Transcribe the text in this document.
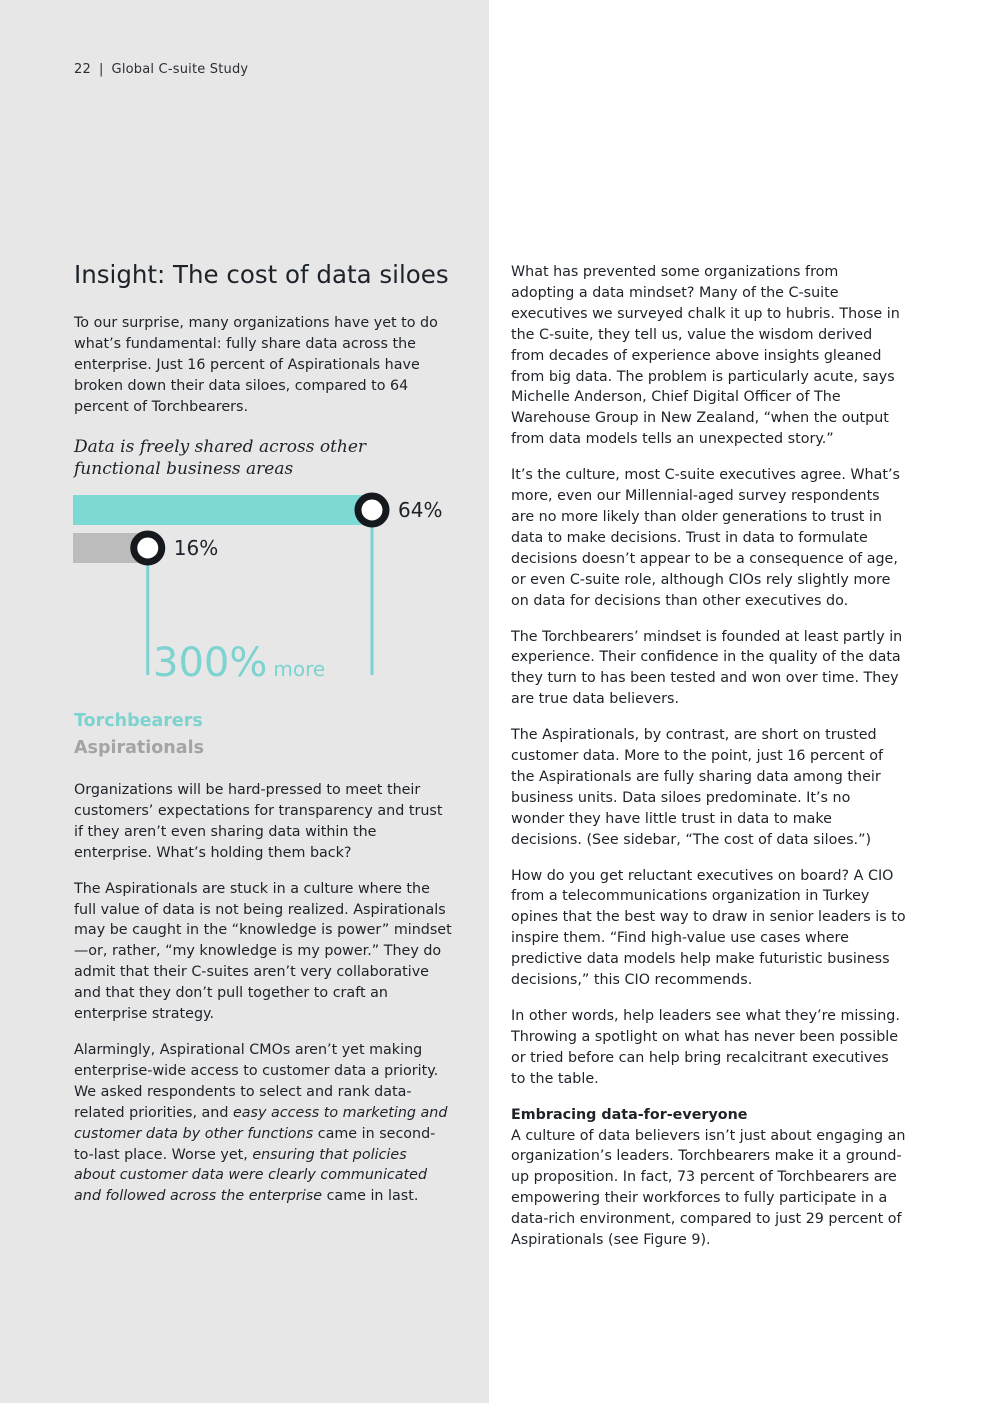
22 | Global C-suite Study
Insight: The cost of data siloes

To our surprise, many organizations have yet to do what’s fundamental: fully share data across the enterprise. Just 16 percent of Aspirationals have broken down their data siloes, compared to 64 percent of Torchbearers.

Data is freely shared across other
functional business areas
64%
16%
300% more
Torchbearers
Aspirationals

Organizations will be hard-pressed to meet their customers’ expectations for transparency and trust if they aren’t even sharing data within the enterprise. What’s holding them back?

The Aspirationals are stuck in a culture where the full value of data is not being realized. Aspirationals may be caught in the “knowledge is power” mindset—or, rather, “my knowledge is my power.” They do admit that their C-suites aren’t very collaborative and that they don’t pull together to craft an enterprise strategy.

Alarmingly, Aspirational CMOs aren’t yet making enterprise-wide access to customer data a priority. We asked respondents to select and rank data-related priorities, and easy access to marketing and customer data by other functions came in second-to-last place. Worse yet, ensuring that policies about customer data were clearly communicated and followed across the enterprise came in last.

What has prevented some organizations from adopting a data mindset? Many of the C-suite executives we surveyed chalk it up to hubris. Those in the C-suite, they tell us, value the wisdom derived from decades of experience above insights gleaned from big data. The problem is particularly acute, says Michelle Anderson, Chief Digital Officer of The Warehouse Group in New Zealand, “when the output from data models tells an unexpected story.”

It’s the culture, most C-suite executives agree. What’s more, even our Millennial-aged survey respondents are no more likely than older generations to trust in data to make decisions. Trust in data to formulate decisions doesn’t appear to be a consequence of age, or even C-suite role, although CIOs rely slightly more on data for decisions than other executives do.

The Torchbearers’ mindset is founded at least partly in experience. Their confidence in the quality of the data they turn to has been tested and won over time. They are true data believers.

The Aspirationals, by contrast, are short on trusted customer data. More to the point, just 16 percent of the Aspirationals are fully sharing data among their business units. Data siloes predominate. It’s no wonder they have little trust in data to make decisions. (See sidebar, “The cost of data siloes.”)

How do you get reluctant executives on board? A CIO from a telecommunications organization in Turkey opines that the best way to draw in senior leaders is to inspire them. “Find high-value use cases where predictive data models help make futuristic business decisions,” this CIO recommends.

In other words, help leaders see what they’re missing. Throwing a spotlight on what has never been possible or tried before can help bring recalcitrant executives to the table.

Embracing data-for-everyone
A culture of data believers isn’t just about engaging an organization’s leaders. Torchbearers make it a ground-up proposition. In fact, 73 percent of Torchbearers are empowering their workforces to fully participate in a data-rich environment, compared to just 29 percent of Aspirationals (see Figure 9).
